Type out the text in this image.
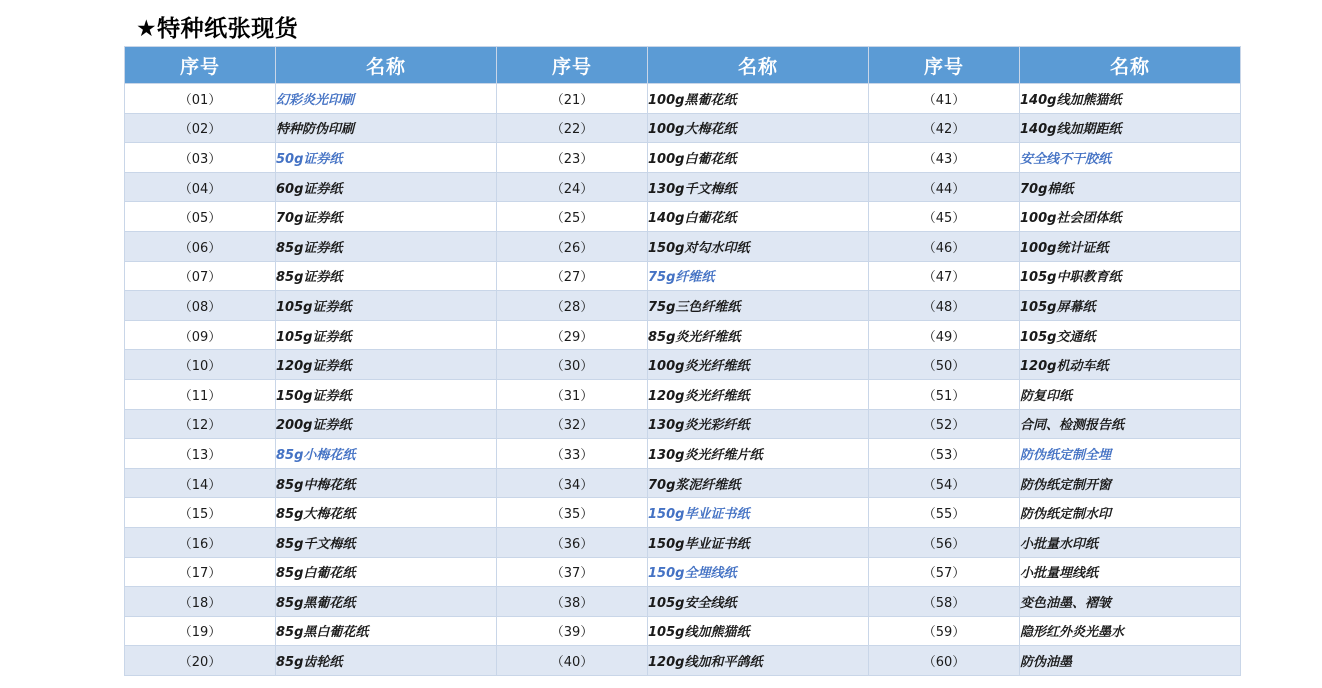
★特种纸张现货
序号	名称	序号	名称	序号	名称
（01）	幻彩炎光印刷	（21）	100g黑葡花纸	（41）	140g线加熊猫纸
（02）	特种防伪印刷	（22）	100g大梅花纸	（42）	140g线加期距纸
（03）	50g证券纸	（23）	100g白葡花纸	（43）	安全线不干胶纸
（04）	60g证券纸	（24）	130g千文梅纸	（44）	70g棉纸
（05）	70g证券纸	（25）	140g白葡花纸	（45）	100g社会团体纸
（06）	85g证券纸	（26）	150g对勾水印纸	（46）	100g统计证纸
（07）	85g证券纸	（27）	75g纤维纸	（47）	105g中职教育纸
（08）	105g证券纸	（28）	75g三色纤维纸	（48）	105g屏幕纸
（09）	105g证券纸	（29）	85g炎光纤维纸	（49）	105g交通纸
（10）	120g证券纸	（30）	100g炎光纤维纸	（50）	120g机动车纸
（11）	150g证券纸	（31）	120g炎光纤维纸	（51）	防复印纸
（12）	200g证券纸	（32）	130g炎光彩纤纸	（52）	合同、检测报告纸
（13）	85g小梅花纸	（33）	130g炎光纤维片纸	（53）	防伪纸定制全埋
（14）	85g中梅花纸	（34）	70g浆泥纤维纸	（54）	防伪纸定制开窗
（15）	85g大梅花纸	（35）	150g毕业证书纸	（55）	防伪纸定制水印
（16）	85g千文梅纸	（36）	150g毕业证书纸	（56）	小批量水印纸
（17）	85g白葡花纸	（37）	150g全埋线纸	（57）	小批量埋线纸
（18）	85g黑葡花纸	（38）	105g安全线纸	（58）	变色油墨、褶皱
（19）	85g黑白葡花纸	（39）	105g线加熊猫纸	（59）	隐形红外炎光墨水
（20）	85g齿轮纸	（40）	120g线加和平鸽纸	（60）	防伪油墨
